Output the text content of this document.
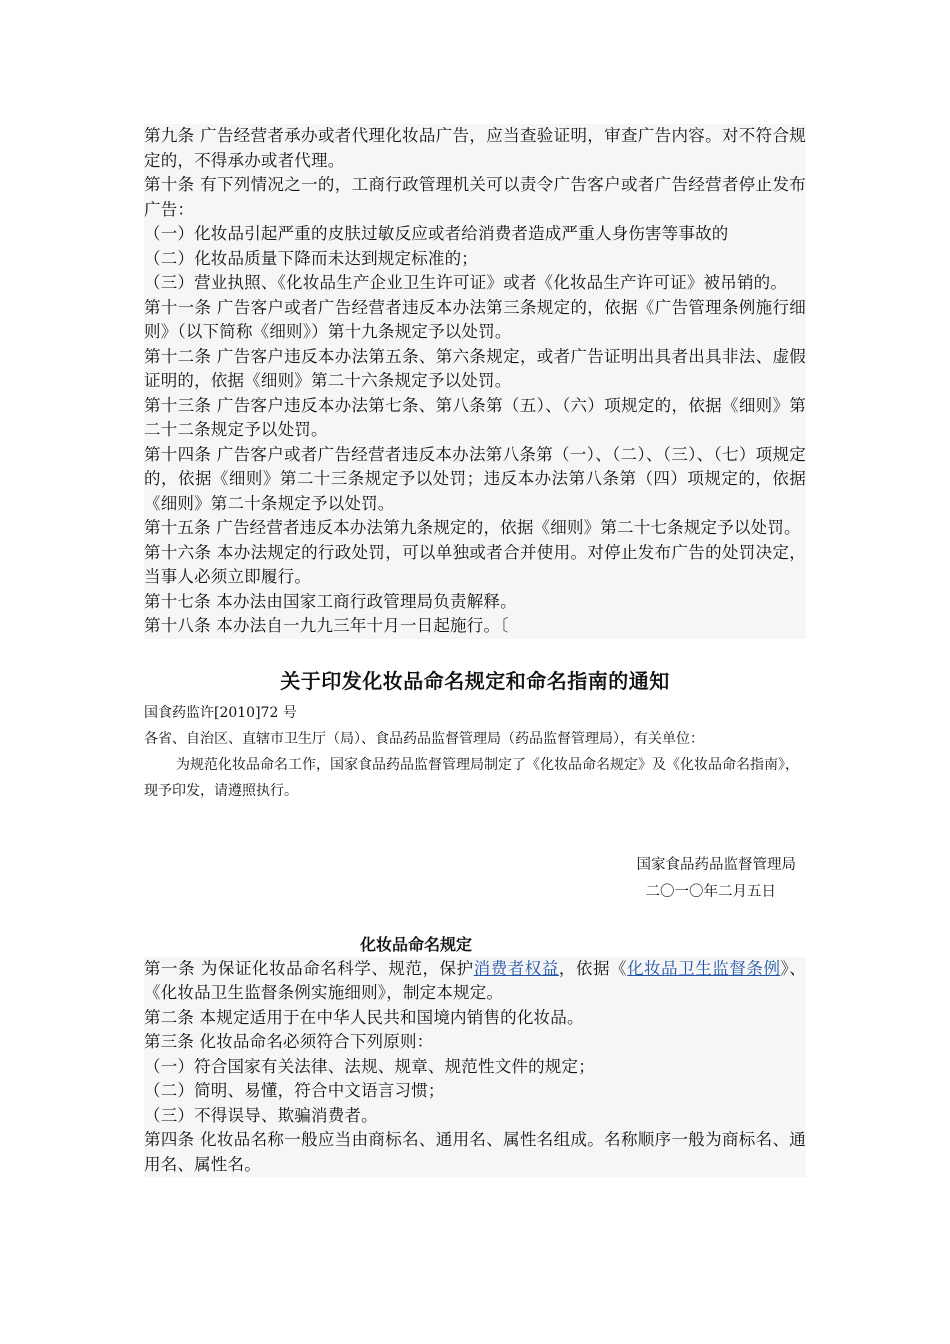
第九条 广告经营者承办或者代理化妆品广告，应当查验证明，审查广告内容。对不符合规定的，不得承办或者代理。

第十条 有下列情况之一的，工商行政管理机关可以责令广告客户或者广告经营者停止发布广告：

（一）化妆品引起严重的皮肤过敏反应或者给消费者造成严重人身伤害等事故的

（二）化妆品质量下降而未达到规定标准的；

（三）营业执照、《化妆品生产企业卫生许可证》或者《化妆品生产许可证》被吊销的。

第十一条 广告客户或者广告经营者违反本办法第三条规定的，依据《广告管理条例施行细则》（以下简称《细则》）第十九条规定予以处罚。

第十二条 广告客户违反本办法第五条、第六条规定，或者广告证明出具者出具非法、虚假证明的，依据《细则》第二十六条规定予以处罚。

第十三条 广告客户违反本办法第七条、第八条第（五）、（六）项规定的，依据《细则》第二十二条规定予以处罚。

第十四条 广告客户或者广告经营者违反本办法第八条第（一）、（二）、（三）、（七）项规定的，依据《细则》第二十三条规定予以处罚；违反本办法第八条第（四）项规定的，依据《细则》第二十条规定予以处罚。

第十五条 广告经营者违反本办法第九条规定的，依据《细则》第二十七条规定予以处罚。

第十六条 本办法规定的行政处罚，可以单独或者合并使用。对停止发布广告的处罚决定，当事人必须立即履行。

第十七条 本办法由国家工商行政管理局负责解释。

第十八条 本办法自一九九三年十月一日起施行。〔

关于印发化妆品命名规定和命名指南的通知

国食药监许[2010]72 号

各省、自治区、直辖市卫生厅（局）、食品药品监督管理局（药品监督管理局），有关单位：

为规范化妆品命名工作，国家食品药品监督管理局制定了《化妆品命名规定》及《化妆品命名指南》，现予印发，请遵照执行。

国家食品药品监督管理局
二〇一〇年二月五日
化妆品命名规定

第一条 为保证化妆品命名科学、规范，保护消费者权益，依据《化妆品卫生监督条例》、《化妆品卫生监督条例实施细则》，制定本规定。

第二条 本规定适用于在中华人民共和国境内销售的化妆品。

第三条 化妆品命名必须符合下列原则：

（一）符合国家有关法律、法规、规章、规范性文件的规定；

（二）简明、易懂，符合中文语言习惯；

（三）不得误导、欺骗消费者。

第四条 化妆品名称一般应当由商标名、通用名、属性名组成。名称顺序一般为商标名、通用名、属性名。
